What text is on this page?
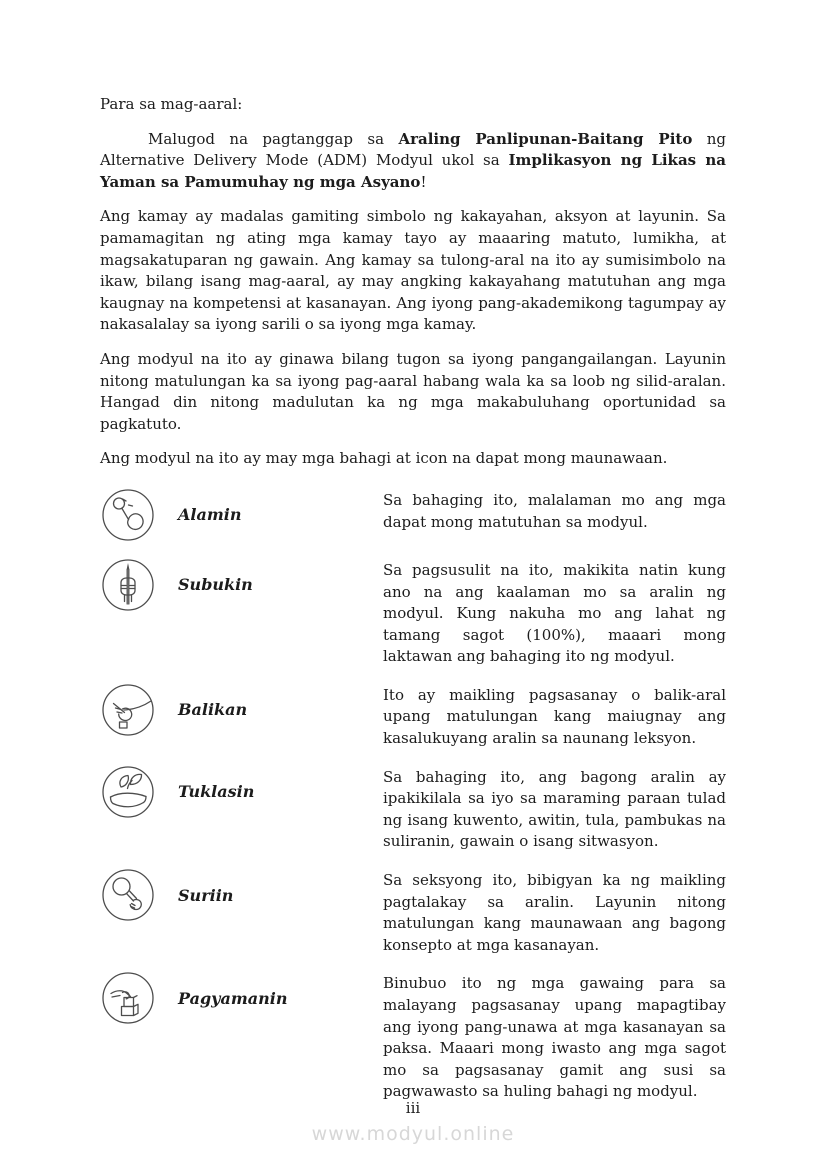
Para sa mag-aaral:

Malugod na pagtanggap sa Araling Panlipunan-Baitang Pito ng Alternative Delivery Mode (ADM) Modyul ukol sa Implikasyon ng Likas na Yaman sa Pamumuhay ng mga Asyano!

Ang kamay ay madalas gamiting simbolo ng kakayahan, aksyon at layunin. Sa pamamagitan ng ating mga kamay tayo ay maaaring matuto, lumikha, at magsakatuparan ng gawain. Ang kamay sa tulong-aral na ito ay sumisimbolo na ikaw, bilang isang mag-aaral, ay may angking kakayahang matutuhan ang mga kaugnay na kompetensi at kasanayan. Ang iyong pang-akademikong tagumpay ay nakasalalay sa iyong sarili o sa iyong mga kamay.

Ang modyul na ito ay ginawa bilang tugon sa iyong pangangailangan. Layunin nitong matulungan ka sa iyong pag-aaral habang wala ka sa loob ng silid-aralan. Hangad din nitong madulutan ka ng mga makabuluhang oportunidad sa pagkatuto.

Ang modyul na ito ay may mga bahagi at icon na dapat mong maunawaan.

Alamin
Sa bahaging ito, malalaman mo ang mga dapat mong matutuhan sa modyul.
Subukin
Sa pagsusulit na ito, makikita natin kung ano na ang kaalaman mo sa aralin ng modyul. Kung nakuha mo ang lahat ng tamang sagot (100%), maaari mong laktawan ang bahaging ito ng modyul.
Balikan
Ito ay maikling pagsasanay o balik-aral upang matulungan kang maiugnay ang kasalukuyang aralin sa naunang leksyon.
Tuklasin
Sa bahaging ito, ang bagong aralin ay ipakikilala sa iyo sa maraming paraan tulad ng isang kuwento, awitin, tula, pambukas na suliranin, gawain o isang sitwasyon.
Suriin
Sa seksyong ito, bibigyan ka ng maikling pagtalakay sa aralin. Layunin nitong matulungan kang maunawaan ang bagong konsepto at mga kasanayan.
Pagyamanin
Binubuo ito ng mga gawaing para sa malayang pagsasanay upang mapagtibay ang iyong pang-unawa at mga kasanayan sa paksa. Maaari mong iwasto ang mga sagot mo sa pagsasanay gamit ang susi sa pagwawasto sa huling bahagi ng modyul.
iii
www.modyul.online
